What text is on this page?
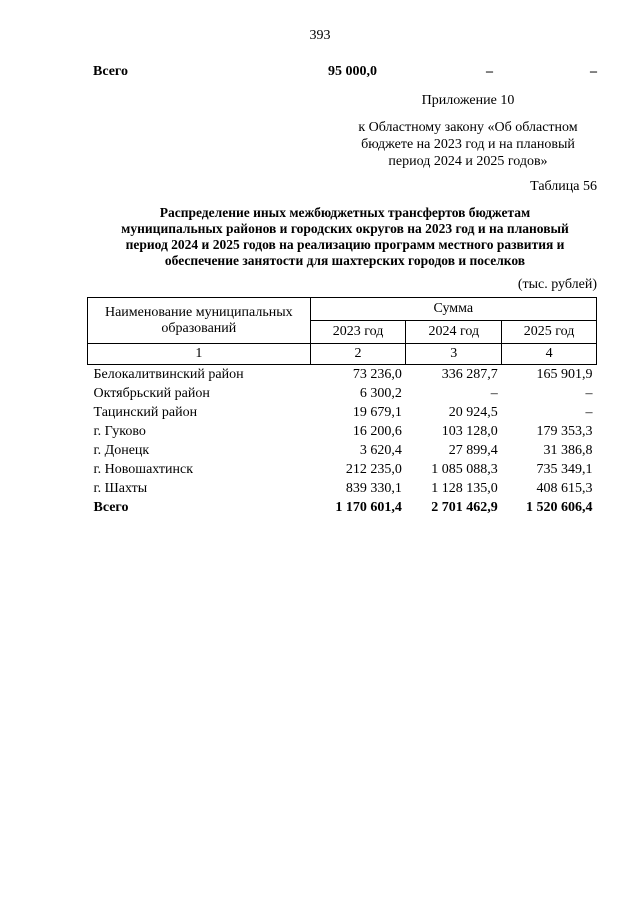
393
Всего	95 000,0	–	–
Приложение 10
к Областному закону «Об областном
бюджете на 2023 год и на плановый
период 2024 и 2025 годов»
Таблица 56
Распределение иных межбюджетных трансфертов бюджетам
муниципальных районов и городских округов на 2023 год и на плановый
период 2024 и 2025 годов на реализацию программ местного развития и
обеспечение занятости для шахтерских городов и поселков
(тыс. рублей)
Наименование муниципальных
образований	Сумма		
	2023 год	2024 год	2025 год
1	2	3	4
Белокалитвинский район	73 236,0	336 287,7	165 901,9
Октябрьский район	6 300,2	–	–
Тацинский район	19 679,1	20 924,5	–
г. Гуково	16 200,6	103 128,0	179 353,3
г. Донецк	3 620,4	27 899,4	31 386,8
г. Новошахтинск	212 235,0	1 085 088,3	735 349,1
г. Шахты	839 330,1	1 128 135,0	408 615,3
Всего	1 170 601,4	2 701 462,9	1 520 606,4
